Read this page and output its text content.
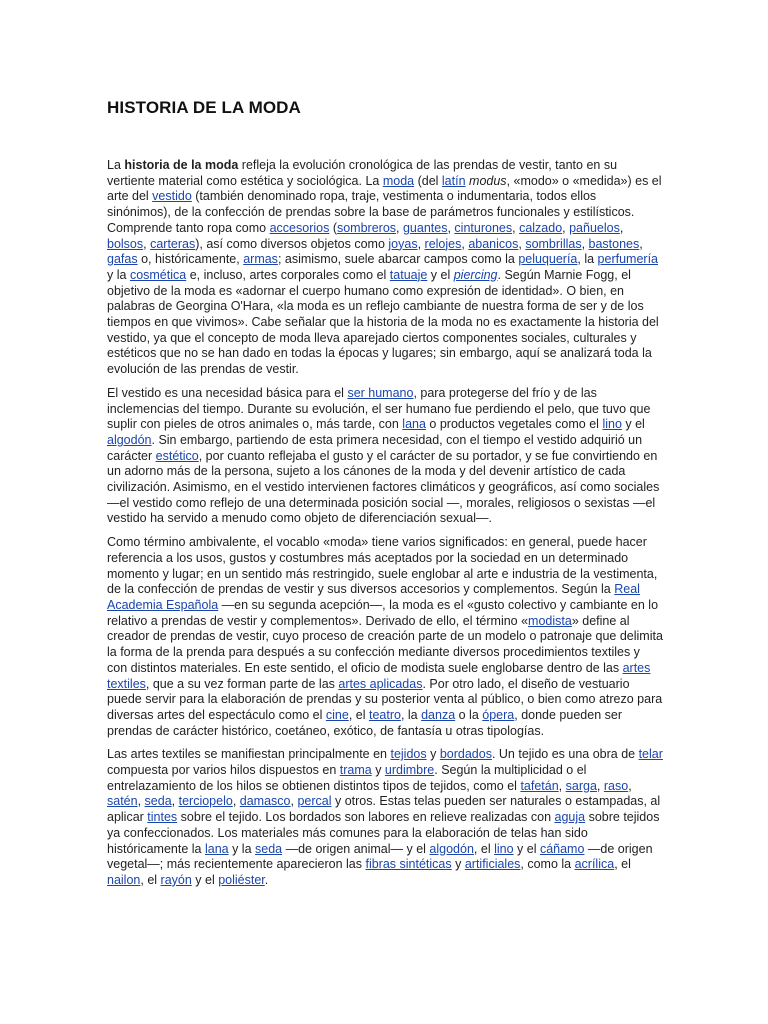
HISTORIA DE LA MODA

La historia de la moda refleja la evolución cronológica de las prendas de vestir, tanto en su vertiente material como estética y sociológica. La moda (del latín modus, «modo» o «medida») es el arte del vestido (también denominado ropa, traje, vestimenta o indumentaria, todos ellos sinónimos), de la confección de prendas sobre la base de parámetros funcionales y estilísticos. Comprende tanto ropa como accesorios (sombreros, guantes, cinturones, calzado, pañuelos, bolsos, carteras), así como diversos objetos como joyas, relojes, abanicos, sombrillas, bastones, gafas o, históricamente, armas; asimismo, suele abarcar campos como la peluquería, la perfumería y la cosmética e, incluso, artes corporales como el tatuaje y el piercing. Según Marnie Fogg, el objetivo de la moda es «adornar el cuerpo humano como expresión de identidad». O bien, en palabras de Georgina O'Hara, «la moda es un reflejo cambiante de nuestra forma de ser y de los tiempos en que vivimos». Cabe señalar que la historia de la moda no es exactamente la historia del vestido, ya que el concepto de moda lleva aparejado ciertos componentes sociales, culturales y estéticos que no se han dado en todas la épocas y lugares; sin embargo, aquí se analizará toda la evolución de las prendas de vestir.

El vestido es una necesidad básica para el ser humano, para protegerse del frío y de las inclemencias del tiempo. Durante su evolución, el ser humano fue perdiendo el pelo, que tuvo que suplir con pieles de otros animales o, más tarde, con lana o productos vegetales como el lino y el algodón. Sin embargo, partiendo de esta primera necesidad, con el tiempo el vestido adquirió un carácter estético, por cuanto reflejaba el gusto y el carácter de su portador, y se fue convirtiendo en un adorno más de la persona, sujeto a los cánones de la moda y del devenir artístico de cada civilización. Asimismo, en el vestido intervienen factores climáticos y geográficos, así como sociales —el vestido como reflejo de una determinada posición social —, morales, religiosos o sexistas —el vestido ha servido a menudo como objeto de diferenciación sexual—.

Como término ambivalente, el vocablo «moda» tiene varios significados: en general, puede hacer referencia a los usos, gustos y costumbres más aceptados por la sociedad en un determinado momento y lugar; en un sentido más restringido, suele englobar al arte e industria de la vestimenta, de la confección de prendas de vestir y sus diversos accesorios y complementos. Según la Real Academia Española —en su segunda acepción—, la moda es el «gusto colectivo y cambiante en lo relativo a prendas de vestir y complementos». Derivado de ello, el término «modista» define al creador de prendas de vestir, cuyo proceso de creación parte de un modelo o patronaje que delimita la forma de la prenda para después a su confección mediante diversos procedimientos textiles y con distintos materiales. En este sentido, el oficio de modista suele englobarse dentro de las artes textiles, que a su vez forman parte de las artes aplicadas. Por otro lado, el diseño de vestuario puede servir para la elaboración de prendas y su posterior venta al público, o bien como atrezo para diversas artes del espectáculo como el cine, el teatro, la danza o la ópera, donde pueden ser prendas de carácter histórico, coetáneo, exótico, de fantasía u otras tipologías.

Las artes textiles se manifiestan principalmente en tejidos y bordados. Un tejido es una obra de telar compuesta por varios hilos dispuestos en trama y urdimbre. Según la multiplicidad o el entrelazamiento de los hilos se obtienen distintos tipos de tejidos, como el tafetán, sarga, raso, satén, seda, terciopelo, damasco, percal y otros. Estas telas pueden ser naturales o estampadas, al aplicar tintes sobre el tejido. Los bordados son labores en relieve realizadas con aguja sobre tejidos ya confeccionados. Los materiales más comunes para la elaboración de telas han sido históricamente la lana y la seda —de origen animal— y el algodón, el lino y el cáñamo —de origen vegetal—; más recientemente aparecieron las fibras sintéticas y artificiales, como la acrílica, el nailon, el rayón y el poliéster.
